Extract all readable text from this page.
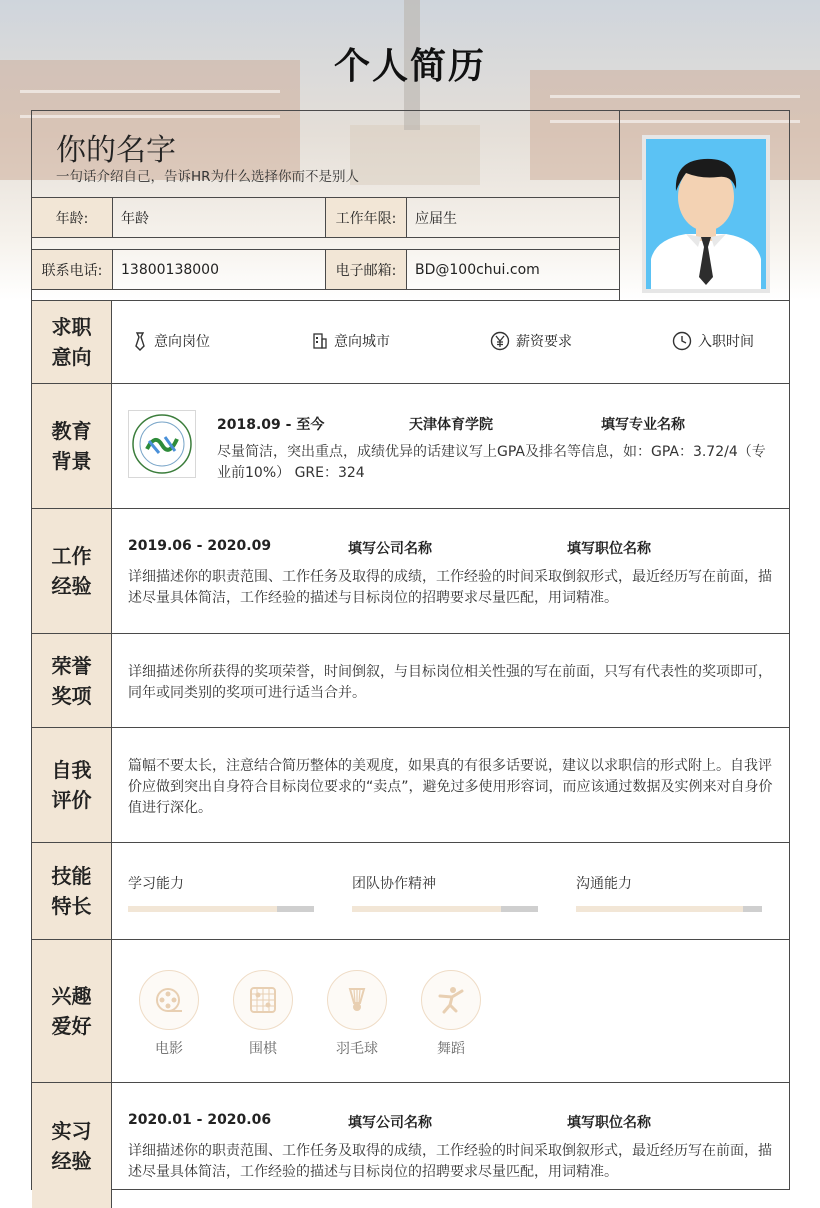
个人简历
你的名字
一句话介绍自己，告诉HR为什么选择你而不是别人
年龄:	年龄	工作年限:	应届生
联系电话:	13800138000	电子邮箱:	BD@100chui.com
求职意向
意向岗位	意向城市	薪资要求	入职时间
教育背景
2018.09 - 至今	天津体育学院	填写专业名称
尽量简洁，突出重点，成绩优异的话建议写上GPA及排名等信息，如：GPA：3.72/4（专业前10%） GRE：324
工作经验
2019.06 - 2020.09	填写公司名称	填写职位名称
详细描述你的职责范围、工作任务及取得的成绩，工作经验的时间采取倒叙形式，最近经历写在前面，描述尽量具体简洁，工作经验的描述与目标岗位的招聘要求尽量匹配，用词精准。
荣誉奖项
详细描述你所获得的奖项荣誉，时间倒叙，与目标岗位相关性强的写在前面，只写有代表性的奖项即可，同年或同类别的奖项可进行适当合并。
自我评价
篇幅不要太长，注意结合简历整体的美观度，如果真的有很多话要说，建议以求职信的形式附上。自我评价应做到突出自身符合目标岗位要求的“卖点”，避免过多使用形容词，而应该通过数据及实例来对自身价值进行深化。
技能特长
学习能力	团队协作精神	沟通能力
兴趣爱好
电影	围棋	羽毛球	舞蹈
实习经验
2020.01 - 2020.06	填写公司名称	填写职位名称
详细描述你的职责范围、工作任务及取得的成绩，工作经验的时间采取倒叙形式，最近经历写在前面，描述尽量具体简洁，工作经验的描述与目标岗位的招聘要求尽量匹配，用词精准。
